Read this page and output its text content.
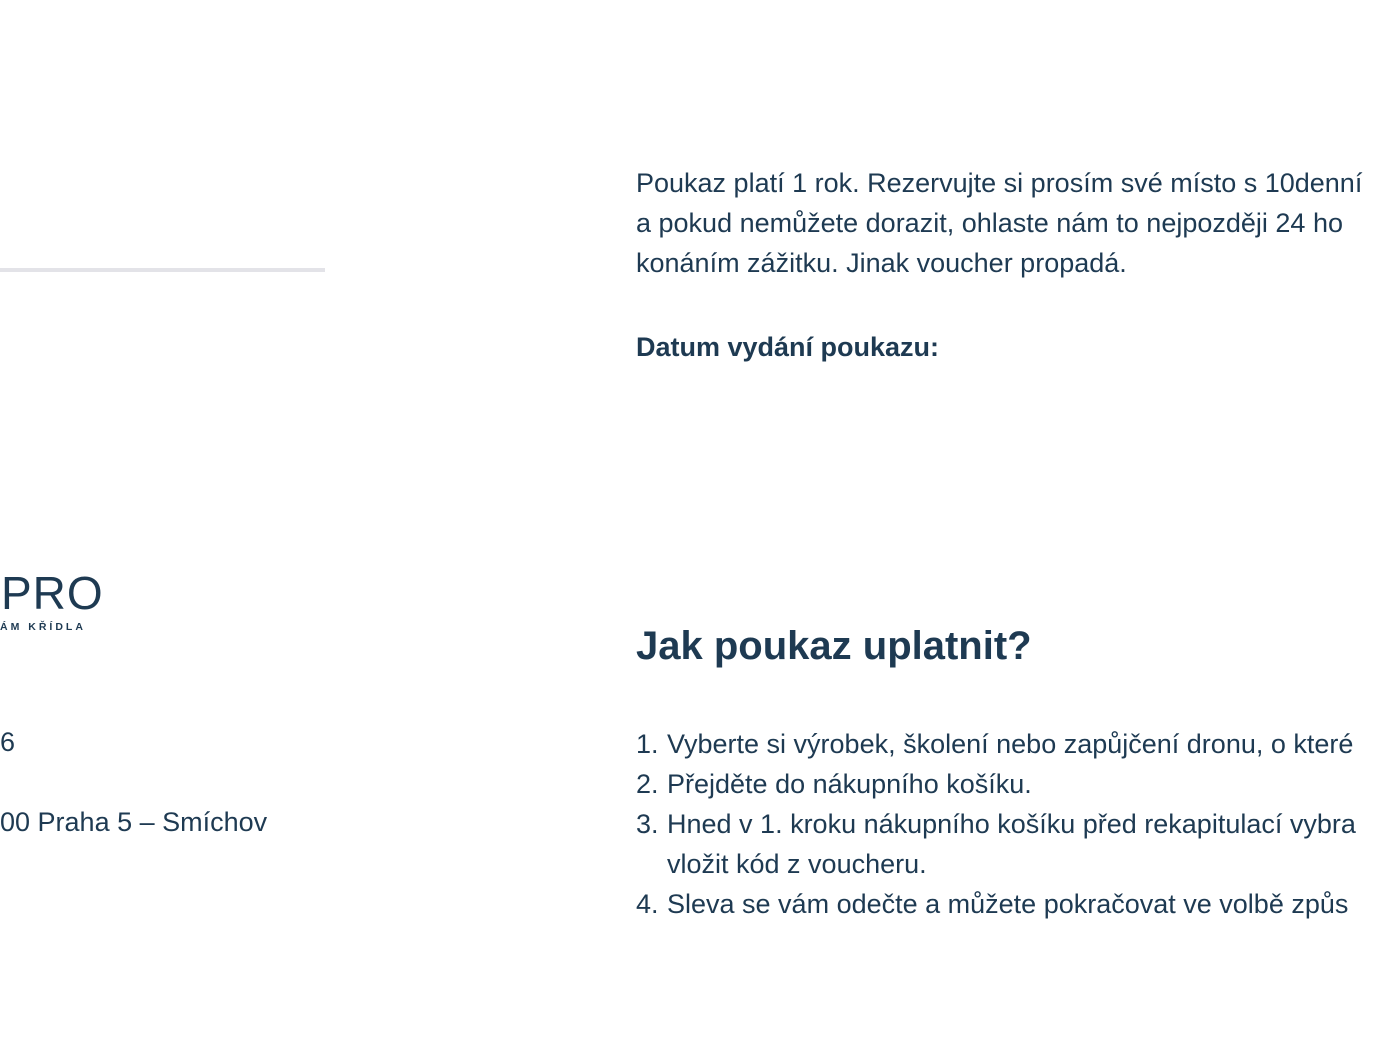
PRO
ÁM KŘÍDLA
6
00 Praha 5 – Smíchov
Poukaz platí 1 rok. Rezervujte si prosím své místo s 10denní
a pokud nemůžete dorazit, ohlaste nám to nejpozději 24 ho
konáním zážitku. Jinak voucher propadá.
Datum vydání poukazu:
Jak poukaz uplatnit?
1. Vyberte si výrobek, školení nebo zapůjčení dronu, o které
2. Přejděte do nákupního košíku.
3. Hned v 1. kroku nákupního košíku před rekapitulací vybra
vložit kód z voucheru.
4. Sleva se vám odečte a můžete pokračovat ve volbě způs
